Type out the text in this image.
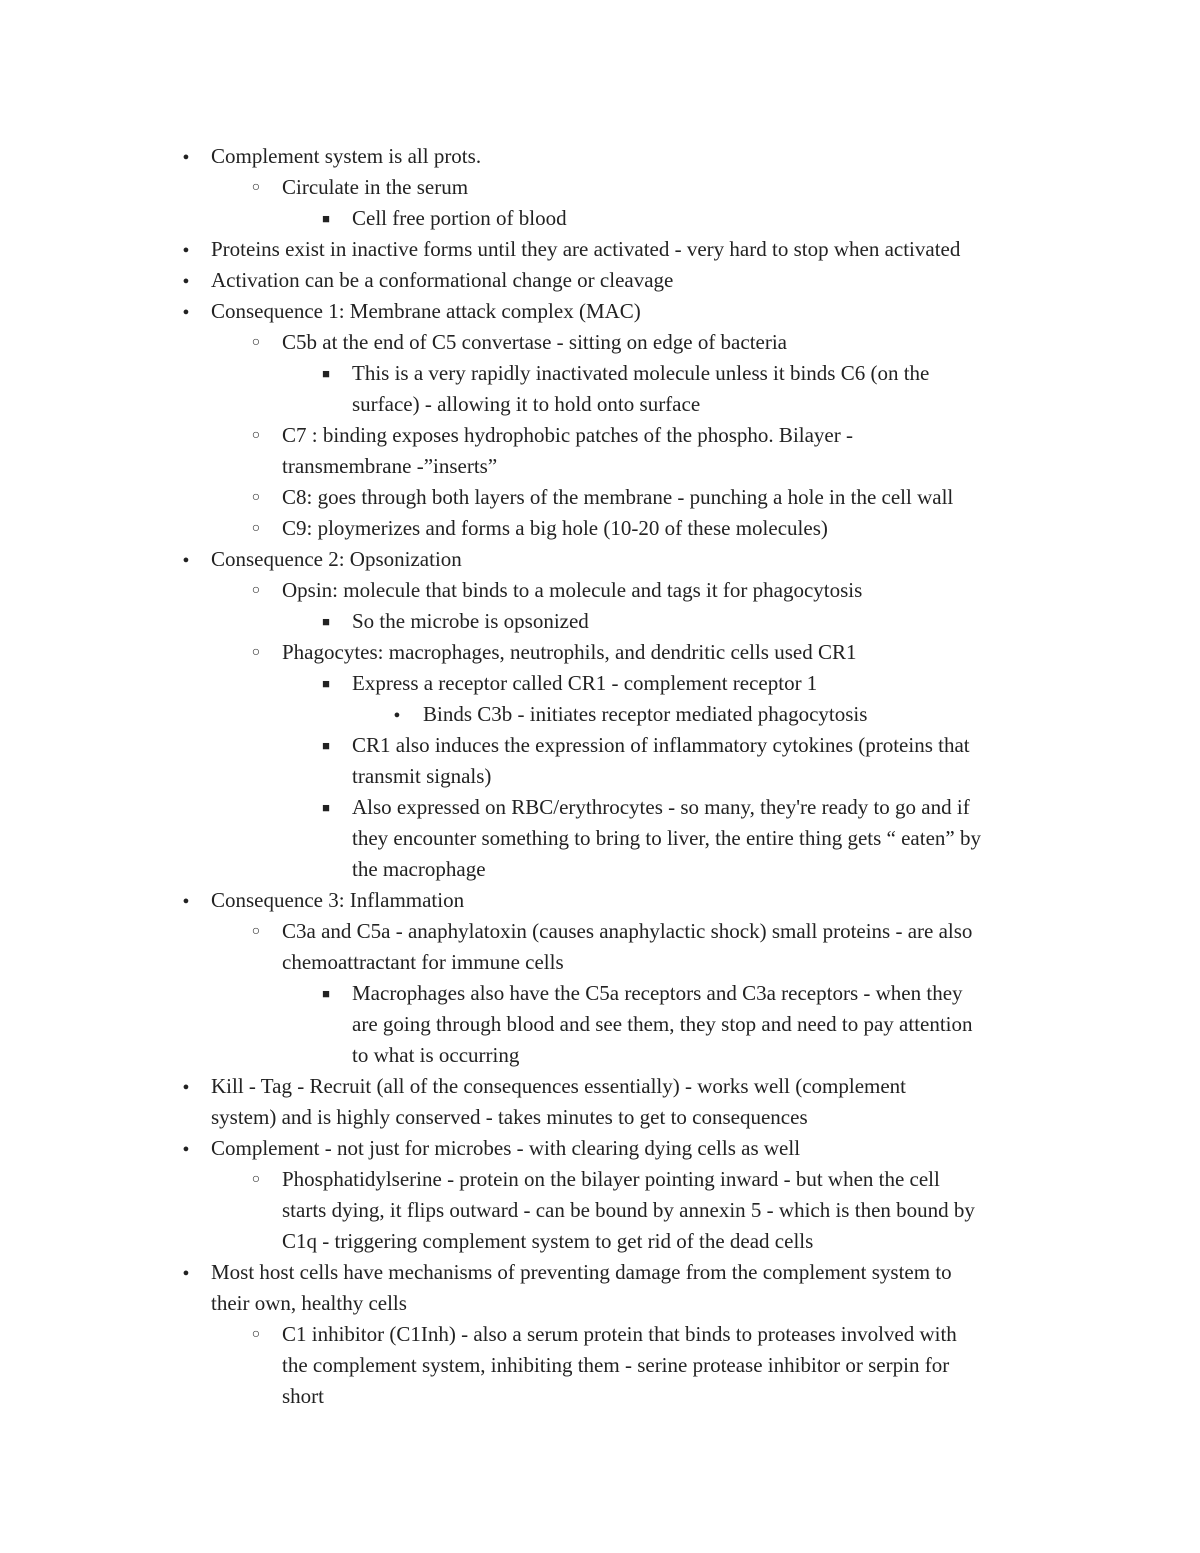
●
Complement system is all prots.
○
Circulate in the serum
■
Cell free portion of blood
●
Proteins exist in inactive forms until they are activated - very hard to stop when activated
●
Activation can be a conformational change or cleavage
●
Consequence 1: Membrane attack complex (MAC)
○
C5b at the end of C5 convertase - sitting on edge of bacteria
■
This is a very rapidly inactivated molecule unless it binds C6 (on the
surface) - allowing it to hold onto surface
○
C7 : binding exposes hydrophobic patches of the phospho. Bilayer -
transmembrane -”inserts”
○
C8: goes through both layers of the membrane - punching a hole in the cell wall
○
C9: ploymerizes and forms a big hole (10-20 of these molecules)
●
Consequence 2: Opsonization
○
Opsin: molecule that binds to a molecule and tags it for phagocytosis
■
So the microbe is opsonized
○
Phagocytes: macrophages, neutrophils, and dendritic cells used CR1
■
Express a receptor called CR1 - complement receptor 1
●
Binds C3b - initiates receptor mediated phagocytosis
■
CR1 also induces the expression of inflammatory cytokines (proteins that
transmit signals)
■
Also expressed on RBC/erythrocytes - so many, they're ready to go and if
they encounter something to bring to liver, the entire thing gets “ eaten” by
the macrophage
●
Consequence 3: Inflammation
○
C3a and C5a - anaphylatoxin (causes anaphylactic shock) small proteins - are also
chemoattractant for immune cells
■
Macrophages also have the C5a receptors and C3a receptors - when they
are going through blood and see them, they stop and need to pay attention
to what is occurring
●
Kill - Tag - Recruit (all of the consequences essentially) - works well (complement
system) and is highly conserved - takes minutes to get to consequences
●
Complement - not just for microbes - with clearing dying cells as well
○
Phosphatidylserine - protein on the bilayer pointing inward - but when the cell
starts dying, it flips outward - can be bound by annexin 5 - which is then bound by
C1q - triggering complement system to get rid of the dead cells
●
Most host cells have mechanisms of preventing damage from the complement system to
their own, healthy cells
○
C1 inhibitor (C1Inh) - also a serum protein that binds to proteases involved with
the complement system, inhibiting them - serine protease inhibitor or serpin for
short
